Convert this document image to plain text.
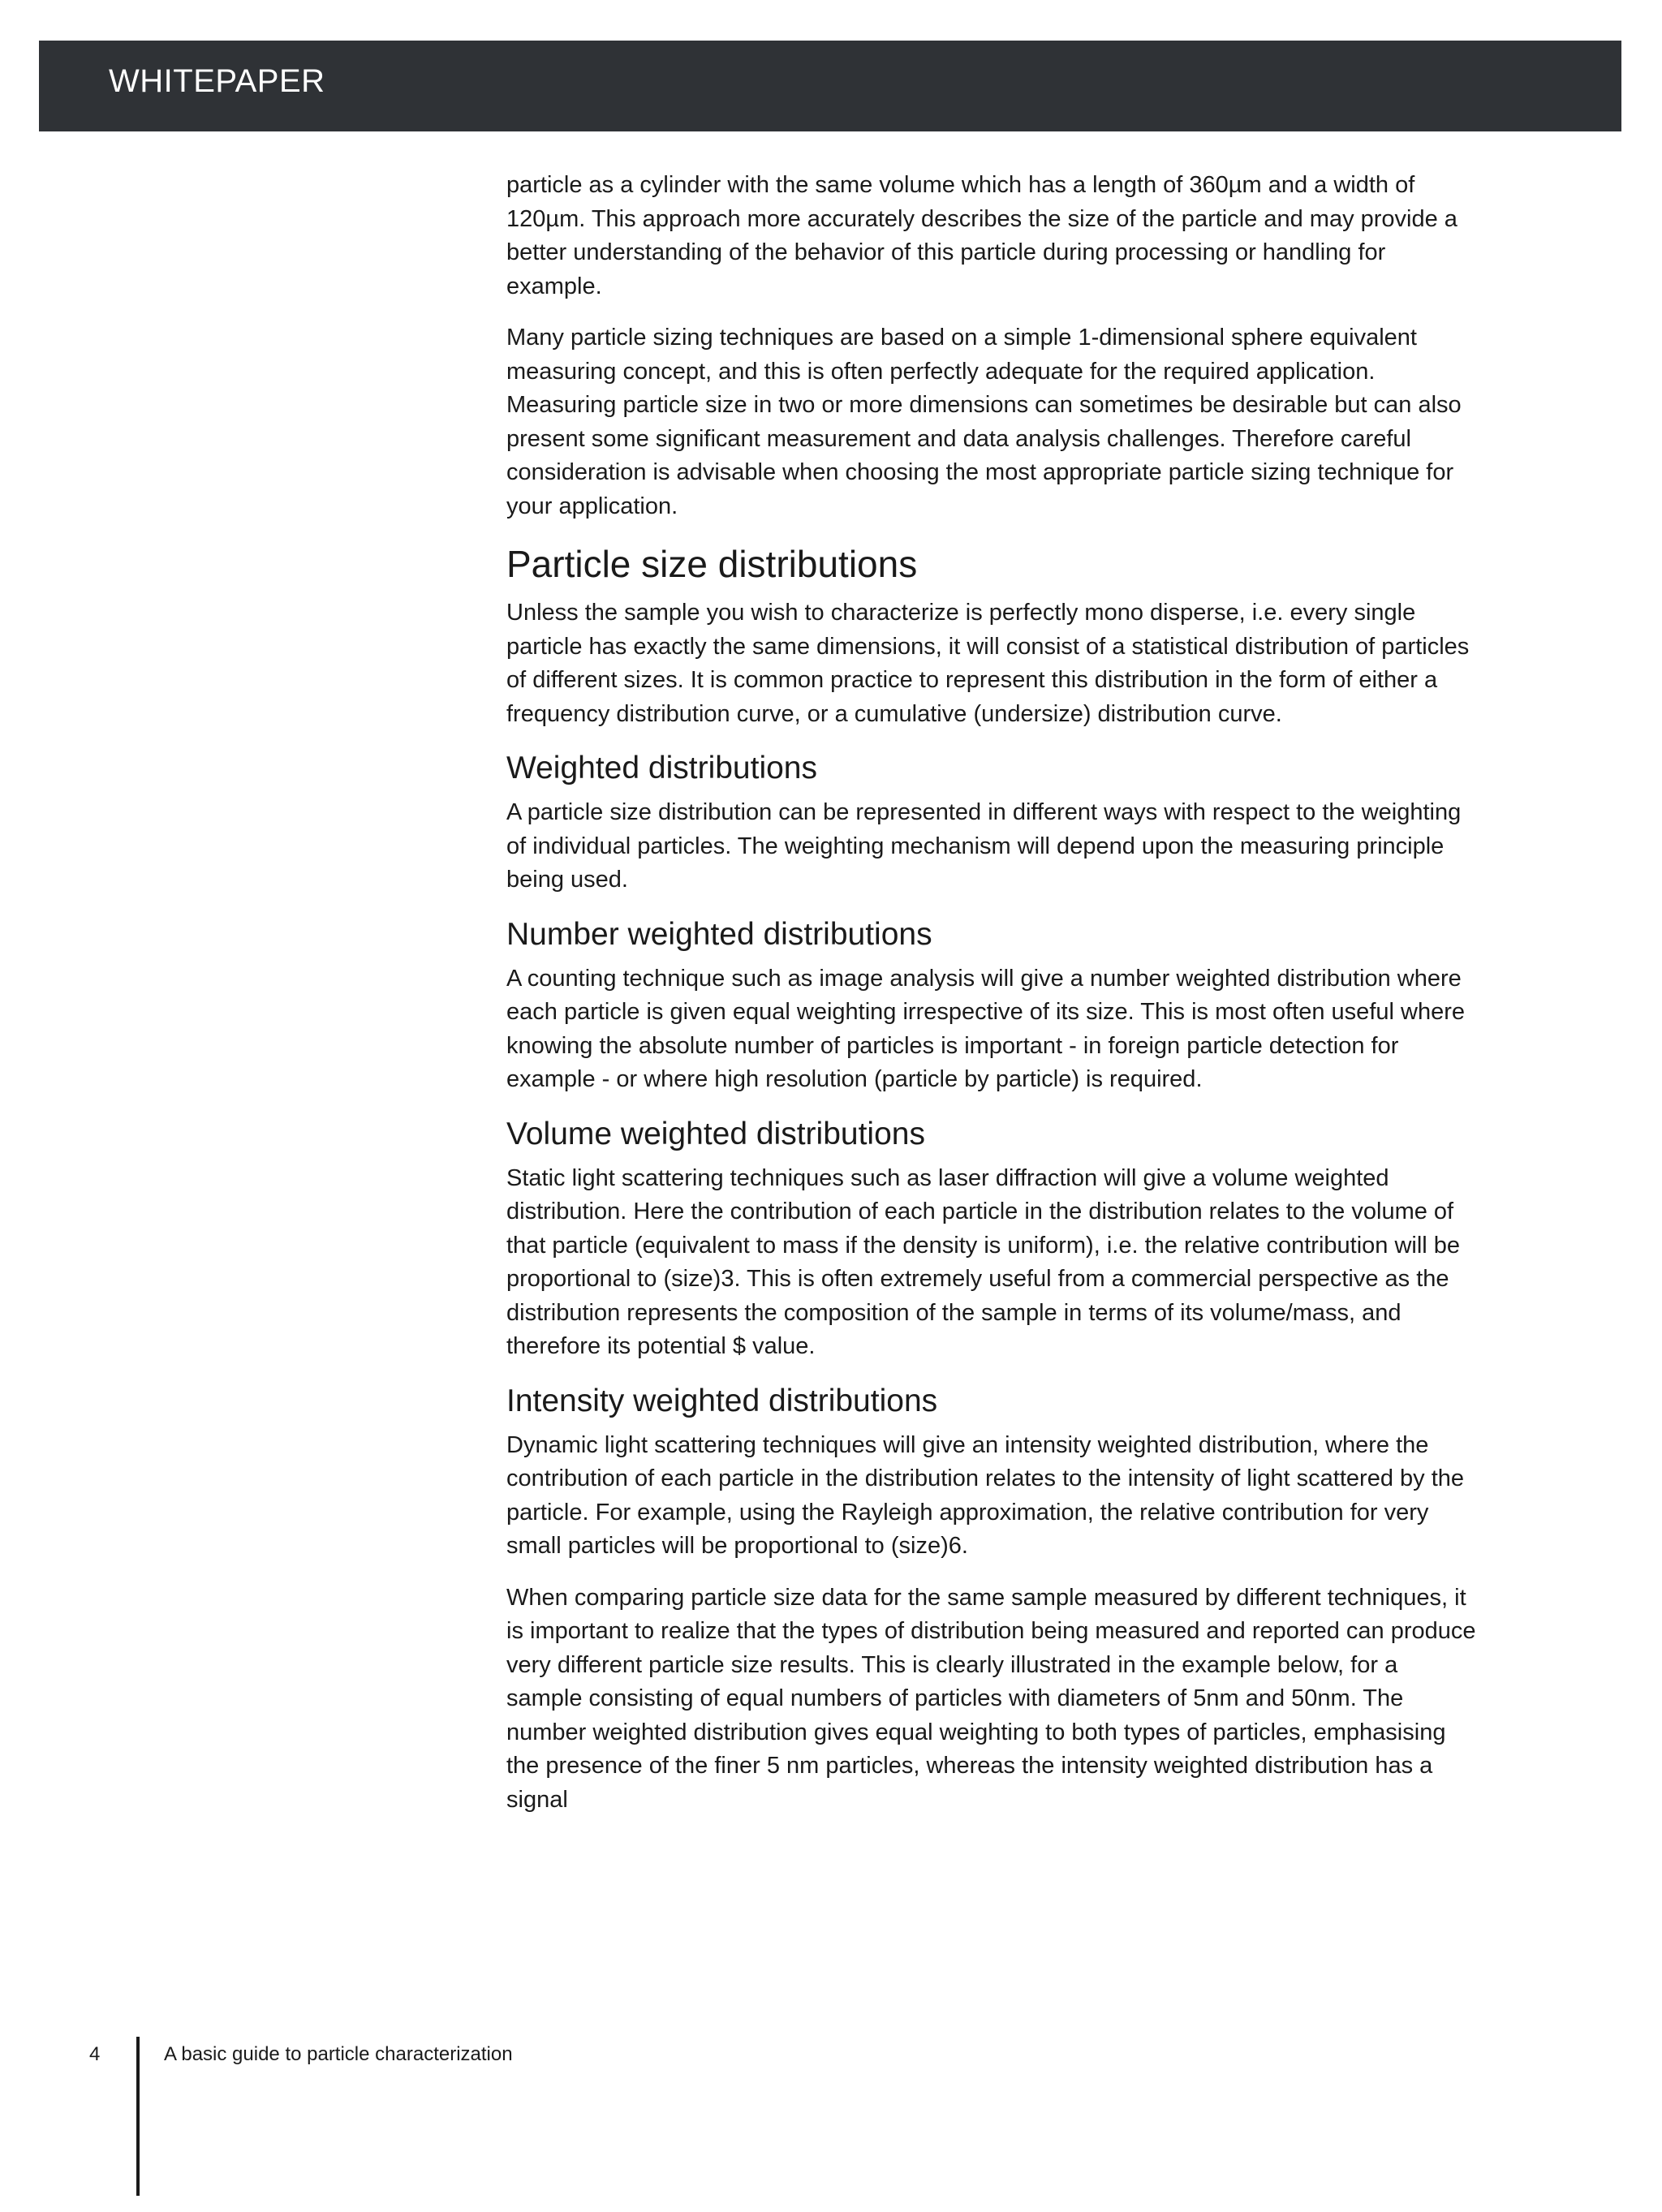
WHITEPAPER

particle as a cylinder with the same volume which has a length of 360µm and a width of 120µm. This approach more accurately describes the size of the particle and may provide a better understanding of the behavior of this particle during processing or handling for example.

Many particle sizing techniques are based on a simple 1-dimensional sphere equivalent measuring concept, and this is often perfectly adequate for the required application. Measuring particle size in two or more dimensions can sometimes be desirable but can also present some significant measurement and data analysis challenges. Therefore careful consideration is advisable when choosing the most appropriate particle sizing technique for your application.

Particle size distributions

Unless the sample you wish to characterize is perfectly mono disperse, i.e. every single particle has exactly the same dimensions, it will consist of a statistical distribution of particles of different sizes. It is common practice to represent this distribution in the form of either a frequency distribution curve, or a cumulative (undersize) distribution curve.

Weighted distributions

A particle size distribution can be represented in different ways with respect to the weighting of individual particles. The weighting mechanism will depend upon the measuring principle being used.

Number weighted distributions

A counting technique such as image analysis will give a number weighted distribution where each particle is given equal weighting irrespective of its size. This is most often useful where knowing the absolute number of particles is important - in foreign particle detection for example - or where high resolution (particle by particle) is required.

Volume weighted distributions

Static light scattering techniques such as laser diffraction will give a volume weighted distribution. Here the contribution of each particle in the distribution relates to the volume of that particle (equivalent to mass if the density is uniform), i.e. the relative contribution will be proportional to (size)3. This is often extremely useful from a commercial perspective as the distribution represents the composition of the sample in terms of its volume/mass, and therefore its potential $ value.

Intensity weighted distributions

Dynamic light scattering techniques will give an intensity weighted distribution, where the contribution of each particle in the distribution relates to the intensity of light scattered by the particle. For example, using the Rayleigh approximation, the relative contribution for very small particles will be proportional to (size)6.

When comparing particle size data for the same sample measured by different techniques, it is important to realize that the types of distribution being measured and reported can produce very different particle size results. This is clearly illustrated in the example below, for a sample consisting of equal numbers of particles with diameters of 5nm and 50nm. The number weighted distribution gives equal weighting to both types of particles, emphasising the presence of the finer 5 nm particles, whereas the intensity weighted distribution has a signal

4	A basic guide to particle characterization
